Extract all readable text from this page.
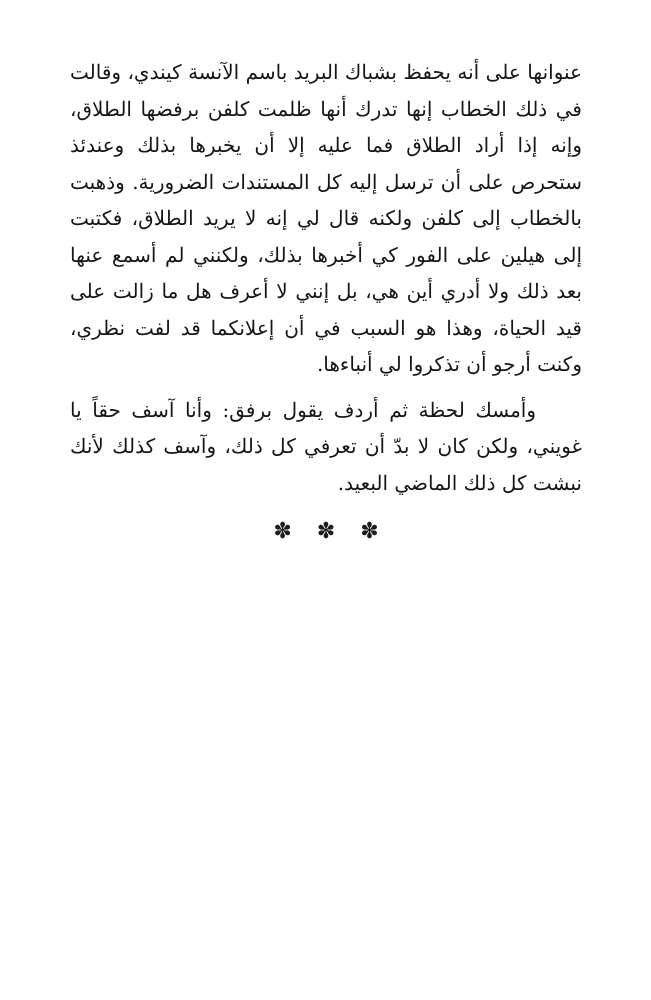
عنوانها على أنه يحفظ بشباك البريد باسم الآنسة كيندي، وقالت في ذلك الخطاب إنها تدرك أنها ظلمت كلفن برفضها الطلاق، وإنه إذا أراد الطلاق فما عليه إلا أن يخبرها بذلك وعندئذ ستحرص على أن ترسل إليه كل المستندات الضرورية. وذهبت بالخطاب إلى كلفن ولكنه قال لي إنه لا يريد الطلاق، فكتبت إلى هيلين على الفور كي أخبرها بذلك، ولكنني لم أسمع عنها بعد ذلك ولا أدري أين هي، بل إنني لا أعرف هل ما زالت على قيد الحياة، وهذا هو السبب في أن إعلانكما قد لفت نظري، وكنت أرجو أن تذكروا لي أنباءها.

وأمسك لحظة ثم أردف يقول برفق: وأنا آسف حقاً يا غويني، ولكن كان لا بدّ أن تعرفي كل ذلك، وآسف كذلك لأنك نبشت كل ذلك الماضي البعيد.

✽ ✽ ✽
